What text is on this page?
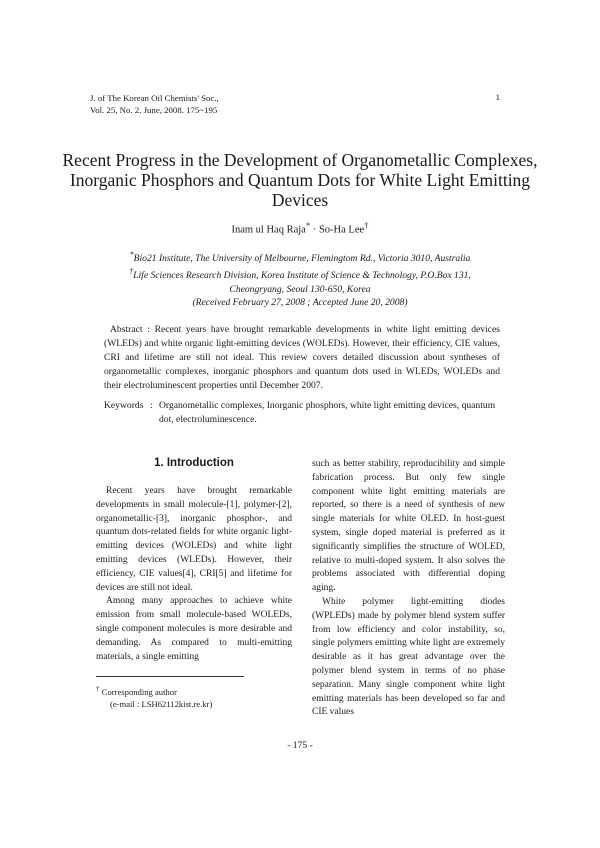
J. of The Korean Oil Chemists' Soc.,
Vol. 25, No. 2. June, 2008. 175~195
1
Recent Progress in the Development of Organometallic Complexes, Inorganic Phosphors and Quantum Dots for White Light Emitting Devices
Inam ul Haq Raja* · So-Ha Lee†
*Bio21 Institute, The University of Melbourne, Flemingtom Rd., Victoria 3010, Australia
†Life Sciences Research Division, Korea Institute of Science & Technology, P.O.Box 131,
Cheongryang, Seoul 130-650, Korea
(Received February 27, 2008 ; Accepted June 20, 2008)
Abstract : Recent years have brought remarkable developments in white light emitting devices (WLEDs) and white organic light-emitting devices (WOLEDs). However, their efficiency, CIE values, CRI and lifetime are still not ideal. This review covers detailed discussion about syntheses of organometallic complexes, inorganic phosphors and quantum dots used in WLEDs, WOLEDs and their electroluminescent properties until December 2007.
Keywords : Organometallic complexes, Inorganic phosphors, white light emitting devices, quantum dot, electroluminescence.
1. Introduction

Recent years have brought remarkable developments in small molecule-[1], polymer-[2], organometallic-[3], inorganic phosphor-, and quantum dots-related fields for white organic light-emitting devices (WOLEDs) and white light emitting devices (WLEDs). However, their efficiency, CIE values[4], CRI[5] and lifetime for devices are still not ideal.

Among many approaches to achieve white emission from small molecule-based WOLEDs, single component molecules is more desirable and demanding. As compared to multi-emitting materials, a single emitting

such as better stability, reproducibility and simple fabrication process. But only few single component white light emitting materials are reported, so there is a need of synthesis of new single materials for white OLED. In host-guest system, single doped material is preferred as it significantly simplifies the structure of WOLED, relative to multi-doped system. It also solves the problems associated with differential doping aging.

White polymer light-emitting diodes (WPLEDs) made by polymer blend system suffer from low efficiency and color instability, so, single polymers emitting white light are extremely desirable as it has great advantage over the polymer blend system in terms of no phase separation. Many single component white light emitting materials has been developed so far and CIE values

† Corresponding author
(e-mail : LSH62112kist.re.kr)
- 175 -
